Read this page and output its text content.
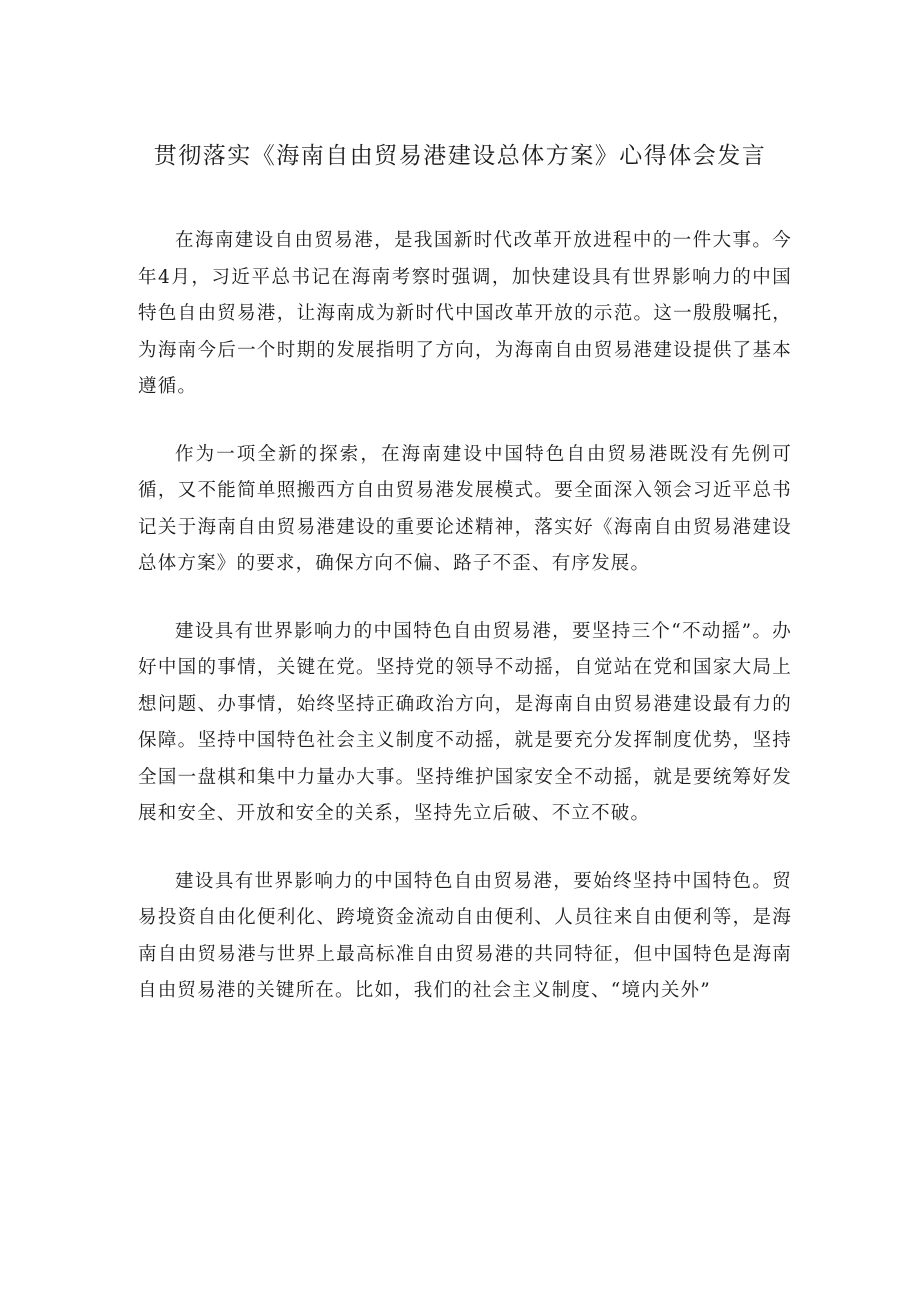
贯彻落实《海南自由贸易港建设总体方案》心得体会发言

在海南建设自由贸易港，是我国新时代改革开放进程中的一件大事。今年4月，习近平总书记在海南考察时强调，加快建设具有世界影响力的中国特色自由贸易港，让海南成为新时代中国改革开放的示范。这一殷殷嘱托，为海南今后一个时期的发展指明了方向，为海南自由贸易港建设提供了基本遵循。

作为一项全新的探索，在海南建设中国特色自由贸易港既没有先例可循，又不能简单照搬西方自由贸易港发展模式。要全面深入领会习近平总书记关于海南自由贸易港建设的重要论述精神，落实好《海南自由贸易港建设总体方案》的要求，确保方向不偏、路子不歪、有序发展。

建设具有世界影响力的中国特色自由贸易港，要坚持三个“不动摇”。办好中国的事情，关键在党。坚持党的领导不动摇，自觉站在党和国家大局上想问题、办事情，始终坚持正确政治方向，是海南自由贸易港建设最有力的保障。坚持中国特色社会主义制度不动摇，就是要充分发挥制度优势，坚持全国一盘棋和集中力量办大事。坚持维护国家安全不动摇，就是要统筹好发展和安全、开放和安全的关系，坚持先立后破、不立不破。

建设具有世界影响力的中国特色自由贸易港，要始终坚持中国特色。贸易投资自由化便利化、跨境资金流动自由便利、人员往来自由便利等，是海南自由贸易港与世界上最高标准自由贸易港的共同特征，但中国特色是海南自由贸易港的关键所在。比如，我们的社会主义制度、“境内关外”
